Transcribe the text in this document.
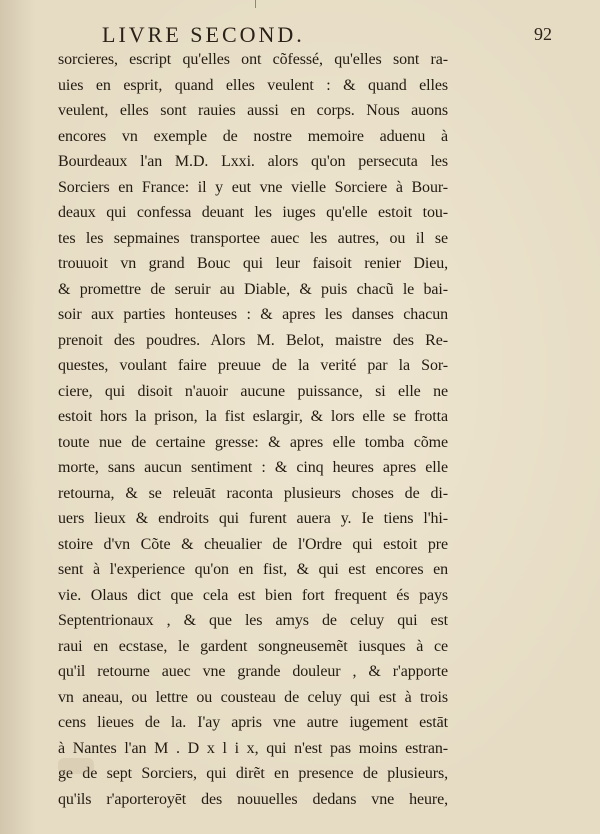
LIVRE SECOND.	92
sorcieres, escript qu'elles ont cõfessé, qu'elles sont ra-
uies en esprit, quand elles veulent : & quand elles
veulent, elles sont rauies aussi en corps. Nous auons
encores vn exemple de nostre memoire aduenu à
Bourdeaux l'an M.D. Lxxi. alors qu'on persecuta les
Sorciers en France: il y eut vne vielle Sorciere à Bour-
deaux qui confessa deuant les iuges qu'elle estoit tou-
tes les sepmaines transportee auec les autres, ou il se
trouuoit vn grand Bouc qui leur faisoit renier Dieu,
& promettre de seruir au Diable, & puis chacũ le bai-
soir aux parties honteuses : & apres les danses chacun
prenoit des poudres. Alors M. Belot, maistre des Re-
questes, voulant faire preuue de la verité par la Sor-
ciere, qui disoit n'auoir aucune puissance, si elle ne
estoit hors la prison, la fist eslargir, & lors elle se frotta
toute nue de certaine gresse: & apres elle tomba cõme
morte, sans aucun sentiment : & cinq heures apres elle
retourna, & se releuāt raconta plusieurs choses de di-
uers lieux & endroits qui furent auera y. Ie tiens l'hi-
stoire d'vn Cõte & cheualier de l'Ordre qui estoit pre
sent à l'experience qu'on en fist, & qui est encores en
vie. Olaus dict que cela est bien fort frequent és pays
Septentrionaux , & que les amys de celuy qui est
raui en ecstase, le gardent songneusemẽt iusques à ce
qu'il retourne auec vne grande douleur , & r'apporte
vn aneau, ou lettre ou cousteau de celuy qui est à trois
cens lieues de la. I'ay apris vne autre iugement estāt
à Nantes l'an M . D x l i x, qui n'est pas moins estran-
ge de sept Sorciers, qui dirẽt en presence de plusieurs,
qu'ils r'aporteroyēt des nouuelles dedans vne heure,
